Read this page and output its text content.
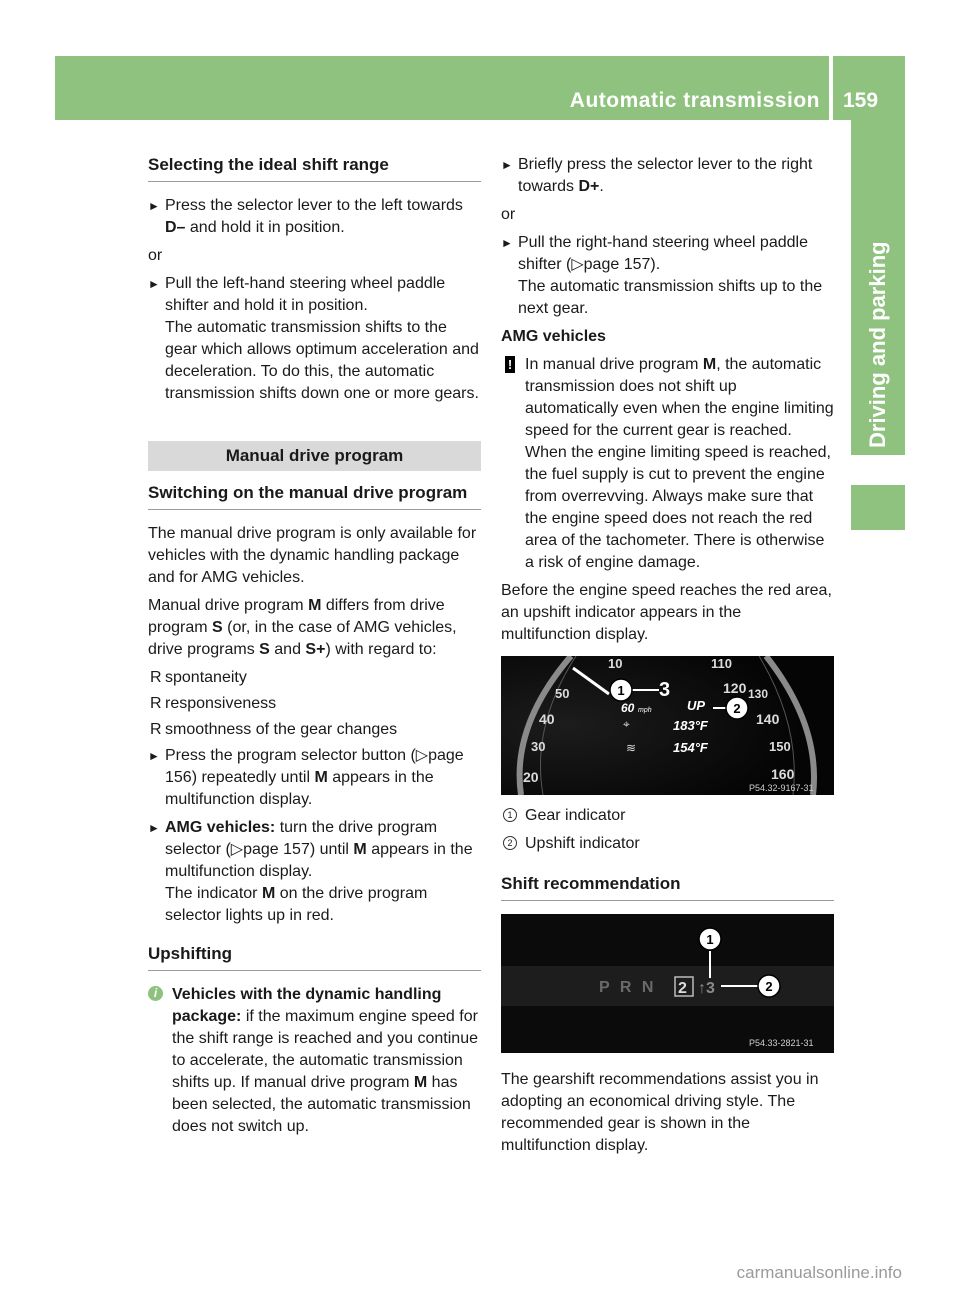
Automatic transmission 159
Driving and parking
Selecting the ideal shift range
► Press the selector lever to the left towards
D– and hold it in position.
or
► Pull the left-hand steering wheel paddle shifter and hold it in position.
The automatic transmission shifts to the gear which allows optimum acceleration and deceleration. To do this, the automatic transmission shifts down one or more gears.
Manual drive program
Switching on the manual drive program
The manual drive program is only available for vehicles with the dynamic handling package and for AMG vehicles.
Manual drive program M differs from drive program S (or, in the case of AMG vehicles, drive programs S and S+) with regard to:
R spontaneity
R responsiveness
R smoothness of the gear changes
► Press the program selector button (▷page 156) repeatedly until M appears in the multifunction display.
► AMG vehicles: turn the drive program selector (▷page 157) until M appears in the multifunction display.
The indicator M on the drive program selector lights up in red.
Upshifting
i Vehicles with the dynamic handling package: if the maximum engine speed for the shift range is reached and you continue to accelerate, the automatic transmission shifts up. If manual drive program M has been selected, the automatic transmission does not switch up.
► Briefly press the selector lever to the right towards D+.
or
► Pull the right-hand steering wheel paddle shifter (▷page 157).
The automatic transmission shifts up to the next gear.
AMG vehicles
! In manual drive program M, the automatic transmission does not shift up automatically even when the engine limiting speed for the current gear is reached. When the engine limiting speed is reached, the fuel supply is cut to prevent the engine from overrevving. Always make sure that the engine speed does not reach the red area of the tachometer. There is otherwise a risk of engine damage.
Before the engine speed reaches the red area, an upshift indicator appears in the multifunction display.
20
30
40
50
10	110
120 130
140
150
160
1 3
60 mph	UP 2
⌖	183°F
≋	154°F
P54.32-9167-31
1 Gear indicator
2 Upshift indicator
Shift recommendation
P R N 2 ↑3
1
2
P54.33-2821-31
The gearshift recommendations assist you in adopting an economical driving style. The recommended gear is shown in the multifunction display.
carmanualsonline.info
